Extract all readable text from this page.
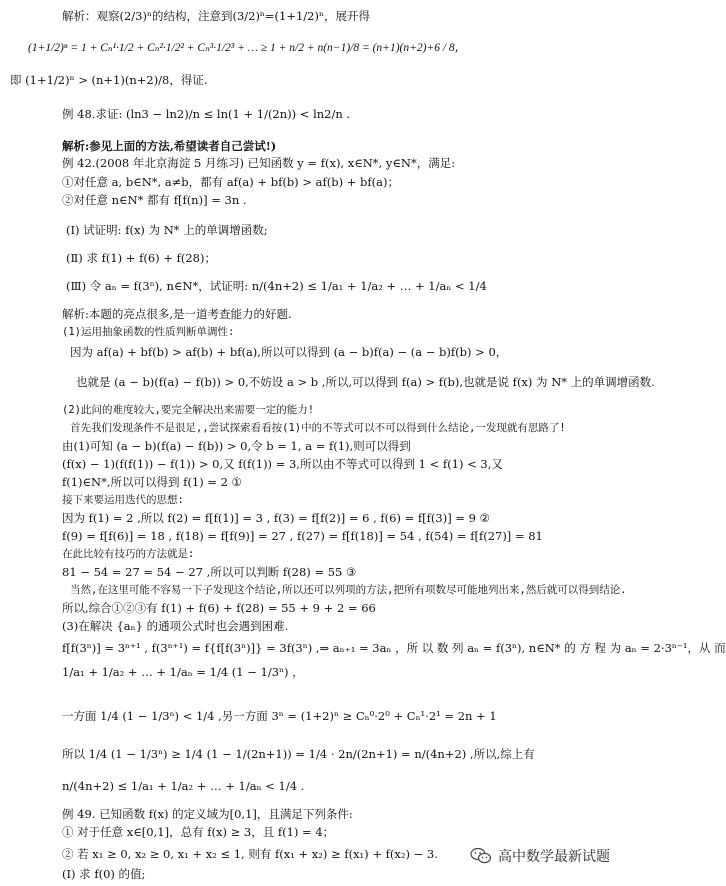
解析：观察(2/3)ⁿ的结构，注意到(3/2)ⁿ=(1+1/2)ⁿ，展开得
(1+1/2)ⁿ = 1 + Cₙ¹·1/2 + Cₙ²·1/2² + Cₙ³·1/2³ + … ≥ 1 + n/2 + n(n−1)/8 = (n+1)(n+2)+6 / 8，
即 (1+1/2)ⁿ > (n+1)(n+2)/8，得证.
例 48.求证: (ln3 − ln2)/n ≤ ln(1 + 1/(2n)) < ln2/n .
解析:参见上面的方法,希望读者自己尝试!)
例 42.(2008 年北京海淀 5 月练习) 已知函数 y = f(x), x∈N*, y∈N*，满足:
①对任意 a, b∈N*, a≠b，都有 af(a) + bf(b) > af(b) + bf(a)；
②对任意 n∈N* 都有 f[f(n)] = 3n .
(Ⅰ) 试证明: f(x) 为 N* 上的单调增函数;
(Ⅱ) 求 f(1) + f(6) + f(28)；
(Ⅲ) 令 aₙ = f(3ⁿ), n∈N*，试证明: n/(4n+2) ≤ 1/a₁ + 1/a₂ + … + 1/aₙ < 1/4
解析:本题的亮点很多,是一道考查能力的好题.
(1)运用抽象函数的性质判断单调性:
因为 af(a) + bf(b) > af(b) + bf(a),所以可以得到 (a − b)f(a) − (a − b)f(b) > 0，
也就是 (a − b)(f(a) − f(b)) > 0,不妨设 a > b ,所以,可以得到 f(a) > f(b),也就是说 f(x) 为 N* 上的单调增函数.
(2)此问的难度较大,要完全解决出来需要一定的能力!
首先我们发现条件不是很足,,尝试探索看看按(1)中的不等式可以不可以得到什么结论,一发现就有思路了!
由(1)可知 (a − b)(f(a) − f(b)) > 0,令 b = 1, a = f(1),则可以得到
(f(x) − 1)(f(f(1)) − f(1)) > 0,又 f(f(1)) = 3,所以由不等式可以得到 1 < f(1) < 3,又
f(1)∈N*,所以可以得到 f(1) = 2 ①
接下来要运用迭代的思想:
因为 f(1) = 2 ,所以 f(2) = f[f(1)] = 3 , f(3) = f[f(2)] = 6 , f(6) = f[f(3)] = 9 ②
f(9) = f[f(6)] = 18 , f(18) = f[f(9)] = 27 , f(27) = f[f(18)] = 54 , f(54) = f[f(27)] = 81
在此比较有技巧的方法就是:
81 − 54 = 27 = 54 − 27 ,所以可以判断 f(28) = 55 ③
当然,在这里可能不容易一下子发现这个结论,所以还可以列项的方法,把所有项数尽可能地列出来,然后就可以得到结论.
所以,综合①②③有 f(1) + f(6) + f(28) = 55 + 9 + 2 = 66
(3)在解决 {aₙ} 的通项公式时也会遇到困难.
f[f(3ⁿ)] = 3ⁿ⁺¹ , f(3ⁿ⁺¹) = f{f[f(3ⁿ)]} = 3f(3ⁿ) ,⇒ aₙ₊₁ = 3aₙ ，所 以 数 列 aₙ = f(3ⁿ), n∈N* 的 方 程 为 aₙ = 2·3ⁿ⁻¹，从 而
1/a₁ + 1/a₂ + … + 1/aₙ = 1/4 (1 − 1/3ⁿ) ，
一方面 1/4 (1 − 1/3ⁿ) < 1/4 ,另一方面 3ⁿ = (1+2)ⁿ ≥ Cₙ⁰·2⁰ + Cₙ¹·2¹ = 2n + 1
所以 1/4 (1 − 1/3ⁿ) ≥ 1/4 (1 − 1/(2n+1)) = 1/4 · 2n/(2n+1) = n/(4n+2) ,所以,综上有
n/(4n+2) ≤ 1/a₁ + 1/a₂ + … + 1/aₙ < 1/4 .
例 49. 已知函数 f(x) 的定义域为[0,1]，且满足下列条件:
① 对于任意 x∈[0,1]，总有 f(x) ≥ 3，且 f(1) = 4；
② 若 x₁ ≥ 0, x₂ ≥ 0, x₁ + x₂ ≤ 1, 则有 f(x₁ + x₂) ≥ f(x₁) + f(x₂) − 3.
(Ⅰ) 求 f(0) 的值;
高中数学最新试题
